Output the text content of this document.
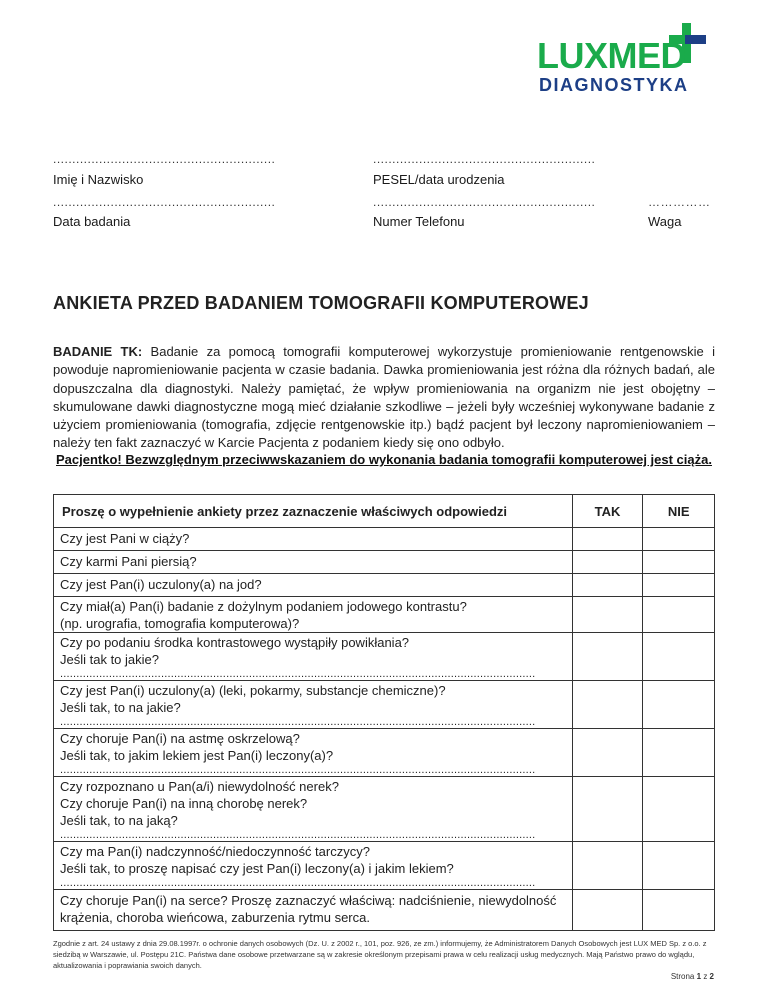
LUXMED
DIAGNOSTYKA
..........................................................
Imię i Nazwisko
..........................................................
PESEL/data urodzenia
..........................................................
Data badania
..........................................................
Numer Telefonu
……………
Waga
ANKIETA PRZED BADANIEM TOMOGRAFII KOMPUTEROWEJ
BADANIE TK: Badanie za pomocą tomografii komputerowej wykorzystuje promieniowanie rentgenowskie i powoduje napromieniowanie pacjenta w czasie badania. Dawka promieniowania jest różna dla różnych badań, ale dopuszczalna dla diagnostyki. Należy pamiętać, że wpływ promieniowania na organizm nie jest obojętny – skumulowane dawki diagnostyczne mogą mieć działanie szkodliwe – jeżeli były wcześniej wykonywane badanie z użyciem promieniowania (tomografia, zdjęcie rentgenowskie itp.) bądź pacjent był leczony napromieniowaniem – należy ten fakt zaznaczyć w Karcie Pacjenta z podaniem kiedy się ono odbyło.
Pacjentko! Bezwzględnym przeciwwskazaniem do wykonania badania tomografii komputerowej jest ciąża.
Proszę o wypełnienie ankiety przez zaznaczenie właściwych odpowiedzi	TAK	NIE

Czy jest Pani w ciąży?		

Czy karmi Pani piersią?		

Czy jest Pan(i) uczulony(a) na jod?		

Czy miał(a) Pan(i) badanie z dożylnym podaniem jodowego kontrastu?
(np. urografia, tomografia komputerowa)?		

Czy po podaniu środka kontrastowego wystąpiły powikłania?
Jeśli tak to jakie?
..................................................................................................................................................		

Czy jest Pan(i) uczulony(a) (leki, pokarmy, substancje chemiczne)?
Jeśli tak, to na jakie?
..................................................................................................................................................		

Czy choruje Pan(i) na astmę oskrzelową?
Jeśli tak, to jakim lekiem jest Pan(i) leczony(a)?
..................................................................................................................................................		

Czy rozpoznano u Pan(a/i) niewydolność nerek?
Czy choruje Pan(i) na inną chorobę nerek?
Jeśli tak, to na jaką?
..................................................................................................................................................		

Czy ma Pan(i) nadczynność/niedoczynność tarczycy?
Jeśli tak, to proszę napisać czy jest Pan(i) leczony(a) i jakim lekiem?
..................................................................................................................................................		

Czy choruje Pan(i) na serce? Proszę zaznaczyć właściwą: nadciśnienie, niewydolność
krążenia, choroba wieńcowa, zaburzenia rytmu serca.		

Zgodnie z art. 24 ustawy z dnia 29.08.1997r. o ochronie danych osobowych (Dz. U. z 2002 r., 101, poz. 926, ze zm.) informujemy, że Administratorem Danych Osobowych jest LUX MED Sp. z o.o. z siedzibą w Warszawie, ul. Postępu 21C. Państwa dane osobowe przetwarzane są w zakresie określonym przepisami prawa w celu realizacji usług medycznych. Mają Państwo prawo do wglądu, aktualizowania i poprawiania swoich danych.
Strona 1 z 2
